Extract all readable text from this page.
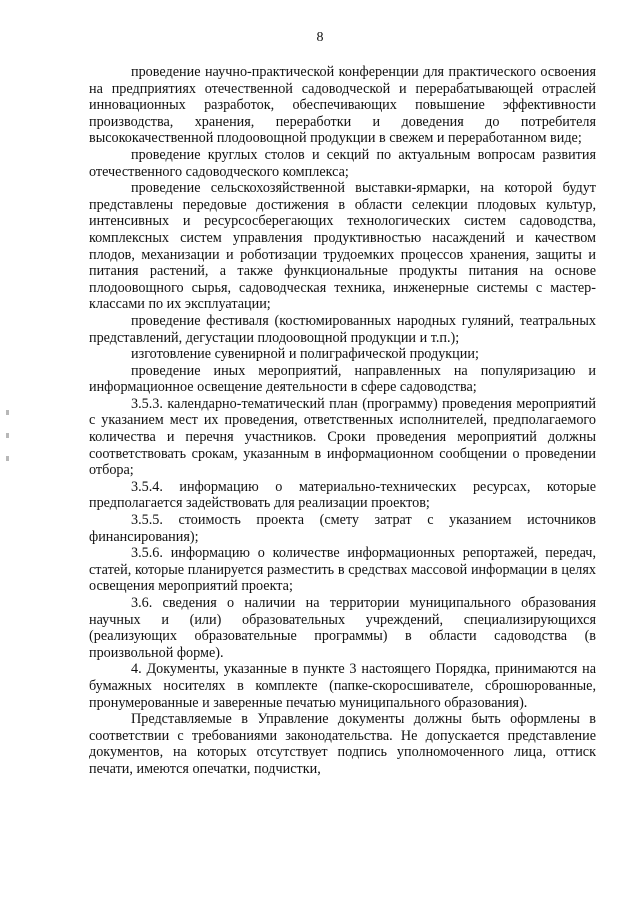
8

проведение научно-практической конференции для практического освоения на предприятиях отечественной садоводческой и перерабатывающей отраслей инновационных разработок, обеспечивающих повышение эффективности производства, хранения, переработки и доведения до потребителя высококачественной плодоовощной продукции в свежем и переработанном виде;

проведение круглых столов и секций по актуальным вопросам развития отечественного садоводческого комплекса;

проведение сельскохозяйственной выставки-ярмарки, на которой будут представлены передовые достижения в области селекции плодовых культур, интенсивных и ресурсосберегающих технологических систем садоводства, комплексных систем управления продуктивностью насаждений и качеством плодов, механизации и роботизации трудоемких процессов хранения, защиты и питания растений, а также функциональные продукты питания на основе плодоовощного сырья, садоводческая техника, инженерные системы с мастер-классами по их эксплуатации;

проведение фестиваля (костюмированных народных гуляний, театральных представлений, дегустации плодоовощной продукции и т.п.);

изготовление сувенирной и полиграфической продукции;

проведение иных мероприятий, направленных на популяризацию и информационное освещение деятельности в сфере садоводства;

3.5.3. календарно-тематический план (программу) проведения мероприятий с указанием мест их проведения, ответственных исполнителей, предполагаемого количества и перечня участников. Сроки проведения мероприятий должны соответствовать срокам, указанным в информационном сообщении о проведении отбора;

3.5.4. информацию о материально-технических ресурсах, которые предполагается задействовать для реализации проектов;

3.5.5. стоимость проекта (смету затрат с указанием источников финансирования);

3.5.6. информацию о количестве информационных репортажей, передач, статей, которые планируется разместить в средствах массовой информации в целях освещения мероприятий проекта;

3.6. сведения о наличии на территории муниципального образования научных и (или) образовательных учреждений, специализирующихся (реализующих образовательные программы) в области садоводства (в произвольной форме).

4. Документы, указанные в пункте 3 настоящего Порядка, принимаются на бумажных носителях в комплекте (папке-скоросшивателе, сброшюрованные, пронумерованные и заверенные печатью муниципального образования).

Представляемые в Управление документы должны быть оформлены в соответствии с требованиями законодательства. Не допускается представление документов, на которых отсутствует подпись уполномоченного лица, оттиск печати, имеются опечатки, подчистки,
